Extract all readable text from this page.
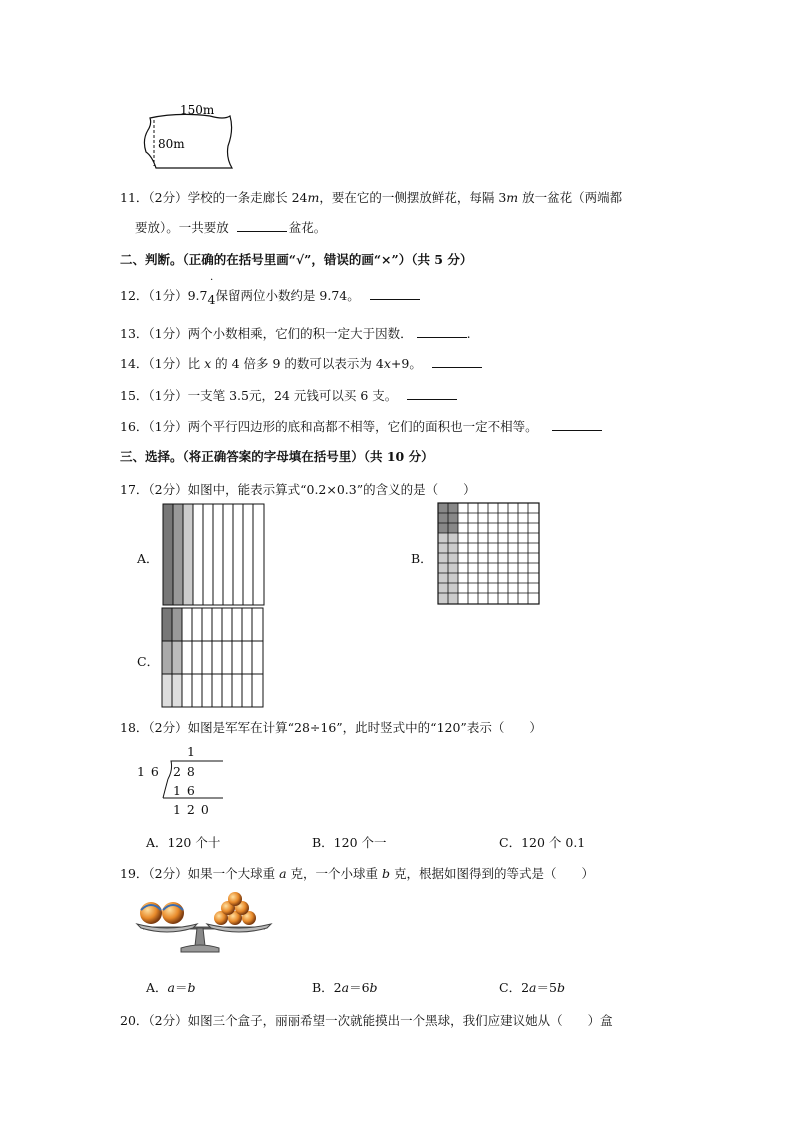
150m
80m
11．（2分）学校的一条走廊长 24m，要在它的一侧摆放鲜花，每隔 3m 放一盆花（两端都
要放）。一共要放	盆花。
二、判断。（正确的在括号里画“√”，错误的画“×”）（共 5 分）
12．（1分）9.7
˙
4保留两位小数约是 9.74。
13．（1分）两个小数相乘，它们的积一定大于因数．	.
14．（1分）比 x 的 4 倍多 9 的数可以表示为 4x+9。
15．（1分）一支笔 3.5元，24 元钱可以买 6 支。
16．（1分）两个平行四边形的底和高都不相等，它们的面积也一定不相等。
三、选择。（将正确答案的字母填在括号里）（共 10 分）
17．（2分）如图中，能表示算式“0.2×0.3”的含义的是（　　）
A．	B．
C．
18．（2分）如图是军军在计算“28÷16”，此时竖式中的“120”表示（　　）
1
1 6 2 8
1 6
1 2 0
A．120 个十	B．120 个一	C．120 个 0.1
19．（2分）如果一个大球重 a 克，一个小球重 b 克，根据如图得到的等式是（　　）
A．a＝b	B．2a＝6b	C．2a＝5b
20．（2分）如图三个盒子，丽丽希望一次就能摸出一个黑球，我们应建议她从（　　）盒
